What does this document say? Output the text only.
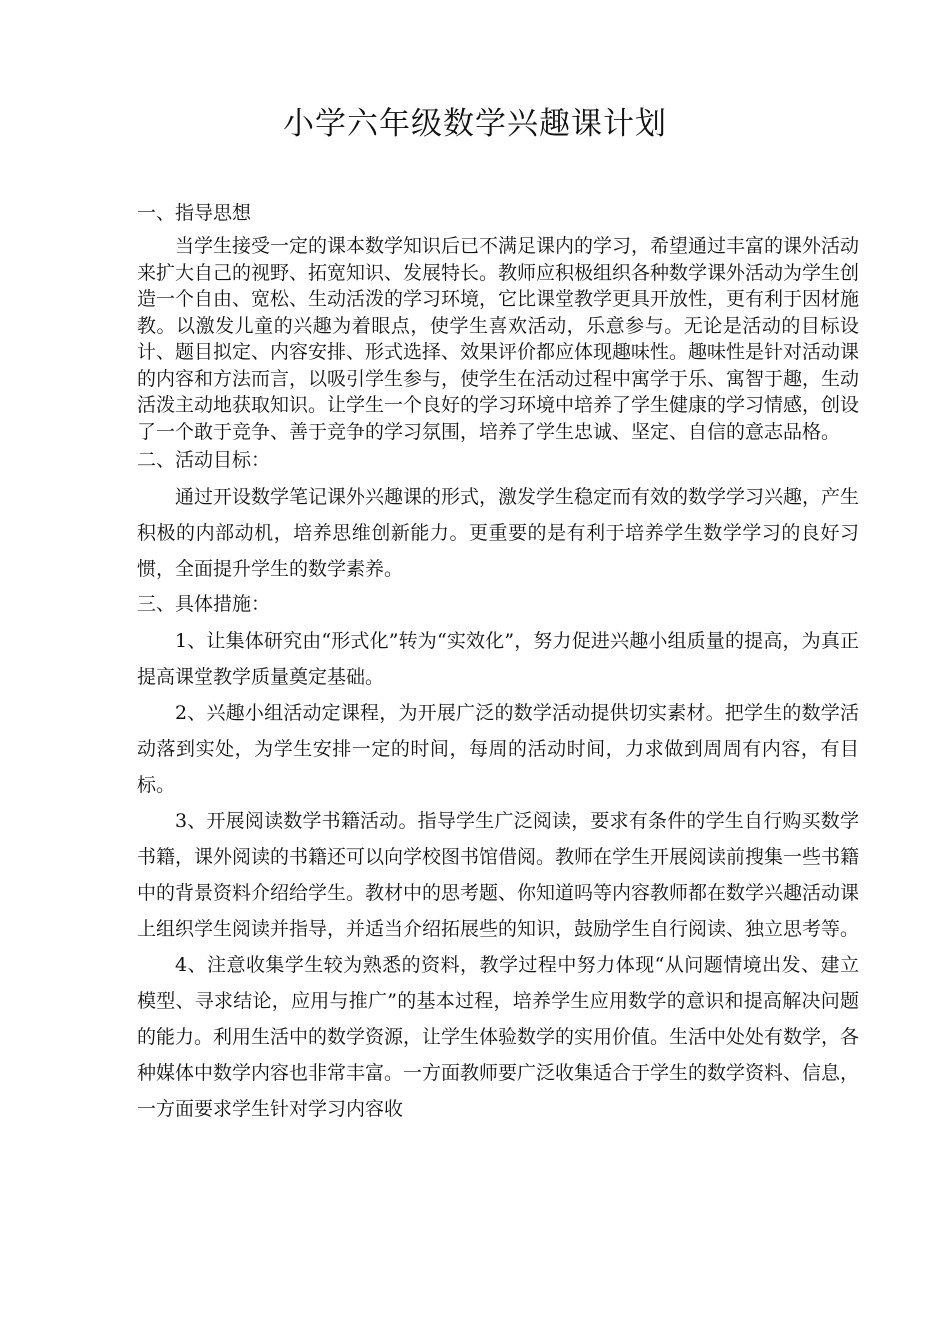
小学六年级数学兴趣课计划

一、指导思想

当学生接受一定的课本数学知识后已不满足课内的学习，希望通过丰富的课外活动来扩大自己的视野、拓宽知识、发展特长。教师应积极组织各种数学课外活动为学生创造一个自由、宽松、生动活泼的学习环境，它比课堂教学更具开放性，更有利于因材施教。以激发儿童的兴趣为着眼点，使学生喜欢活动，乐意参与。无论是活动的目标设计、题目拟定、内容安排、形式选择、效果评价都应体现趣味性。趣味性是针对活动课的内容和方法而言，以吸引学生参与，使学生在活动过程中寓学于乐、寓智于趣，生动活泼主动地获取知识。让学生一个良好的学习环境中培养了学生健康的学习情感，创设了一个敢于竞争、善于竞争的学习氛围，培养了学生忠诚、坚定、自信的意志品格。

二、活动目标：

通过开设数学笔记课外兴趣课的形式，激发学生稳定而有效的数学学习兴趣，产生积极的内部动机，培养思维创新能力。更重要的是有利于培养学生数学学习的良好习惯，全面提升学生的数学素养。

三、具体措施：

1、让集体研究由“形式化”转为“实效化”，努力促进兴趣小组质量的提高，为真正提高课堂教学质量奠定基础。

2、兴趣小组活动定课程，为开展广泛的数学活动提供切实素材。把学生的数学活动落到实处，为学生安排一定的时间，每周的活动时间，力求做到周周有内容，有目标。

3、开展阅读数学书籍活动。指导学生广泛阅读，要求有条件的学生自行购买数学书籍，课外阅读的书籍还可以向学校图书馆借阅。教师在学生开展阅读前搜集一些书籍中的背景资料介绍给学生。教材中的思考题、你知道吗等内容教师都在数学兴趣活动课上组织学生阅读并指导，并适当介绍拓展些的知识，鼓励学生自行阅读、独立思考等。

4、注意收集学生较为熟悉的资料，教学过程中努力体现“从问题情境出发、建立模型、寻求结论，应用与推广”的基本过程，培养学生应用数学的意识和提高解决问题的能力。利用生活中的数学资源，让学生体验数学的实用价值。生活中处处有数学，各种媒体中数学内容也非常丰富。一方面教师要广泛收集适合于学生的数学资料、信息，一方面要求学生针对学习内容收
